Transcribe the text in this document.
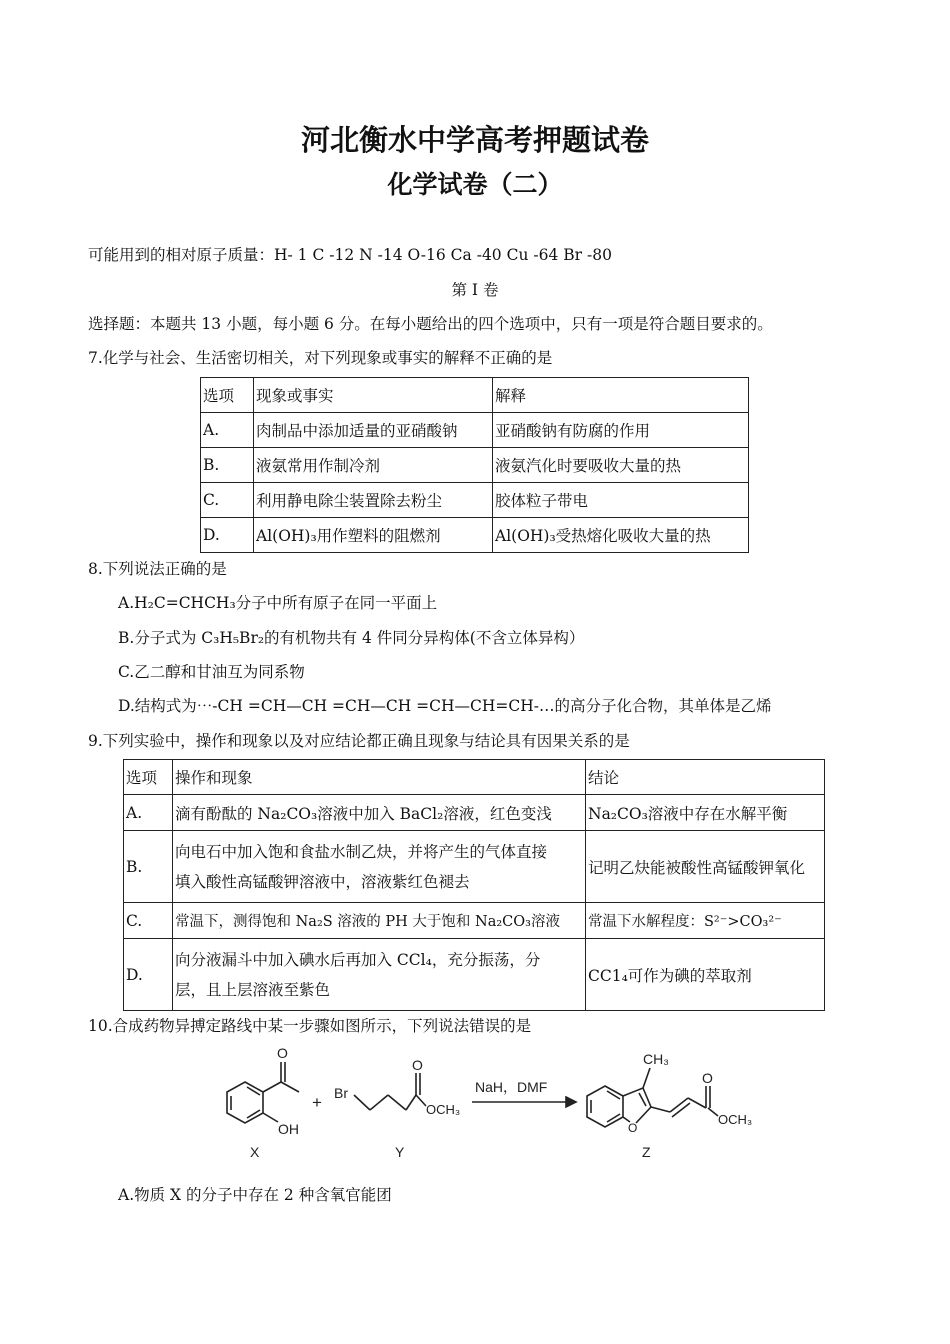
河北衡水中学高考押题试卷
化学试卷（二）
可能用到的相对原子质量：H- 1 C -12 N -14 O-16 Ca -40 Cu -64 Br -80
第 I 卷
选择题：本题共 13 小题，每小题 6 分。在每小题给出的四个选项中，只有一项是符合题目要求的。
7.化学与社会、生活密切相关，对下列现象或事实的解释不正确的是
选项	现象或事实	解释
A.	肉制品中添加适量的亚硝酸钠	亚硝酸钠有防腐的作用
B.	液氨常用作制冷剂	液氨汽化时要吸收大量的热
C.	利用静电除尘装置除去粉尘	胶体粒子带电
D.	Al(OH)₃用作塑料的阻燃剂	Al(OH)₃受热熔化吸收大量的热
8.下列说法正确的是
A.H₂C=CHCH₃分子中所有原子在同一平面上
B.分子式为 C₃H₅Br₂的有机物共有 4 件同分异构体(不含立体异构）
C.乙二醇和甘油互为同系物
D.结构式为⋯-CH =CH—CH =CH—CH =CH—CH=CH-…的高分子化合物，其单体是乙烯
9.下列实验中，操作和现象以及对应结论都正确且现象与结论具有因果关系的是
选项	操作和现象	结论
A.	滴有酚酞的 Na₂CO₃溶液中加入 BaCl₂溶液，红色变浅	Na₂CO₃溶液中存在水解平衡
B.	向电石中加入饱和食盐水制乙炔，并将产生的气体直接
填入酸性高锰酸钾溶液中，溶液紫红色褪去	记明乙炔能被酸性高锰酸钾氧化
C.	常温下，测得饱和 Na₂S 溶液的 PH 大于饱和 Na₂CO₃溶液	常温下水解程度：S²⁻>CO₃²⁻
D.	向分液漏斗中加入碘水后再加入 CCl₄，充分振荡，分
层，且上层溶液至紫色	CC1₄可作为碘的萃取剂
10.合成药物异搏定路线中某一步骤如图所示，下列说法错误的是
O
OH
X
+ Br
O
OCH₃
Y
NaH，DMF
O
CH₃
O
OCH₃
Z
A.物质 X 的分子中存在 2 种含氧官能团
